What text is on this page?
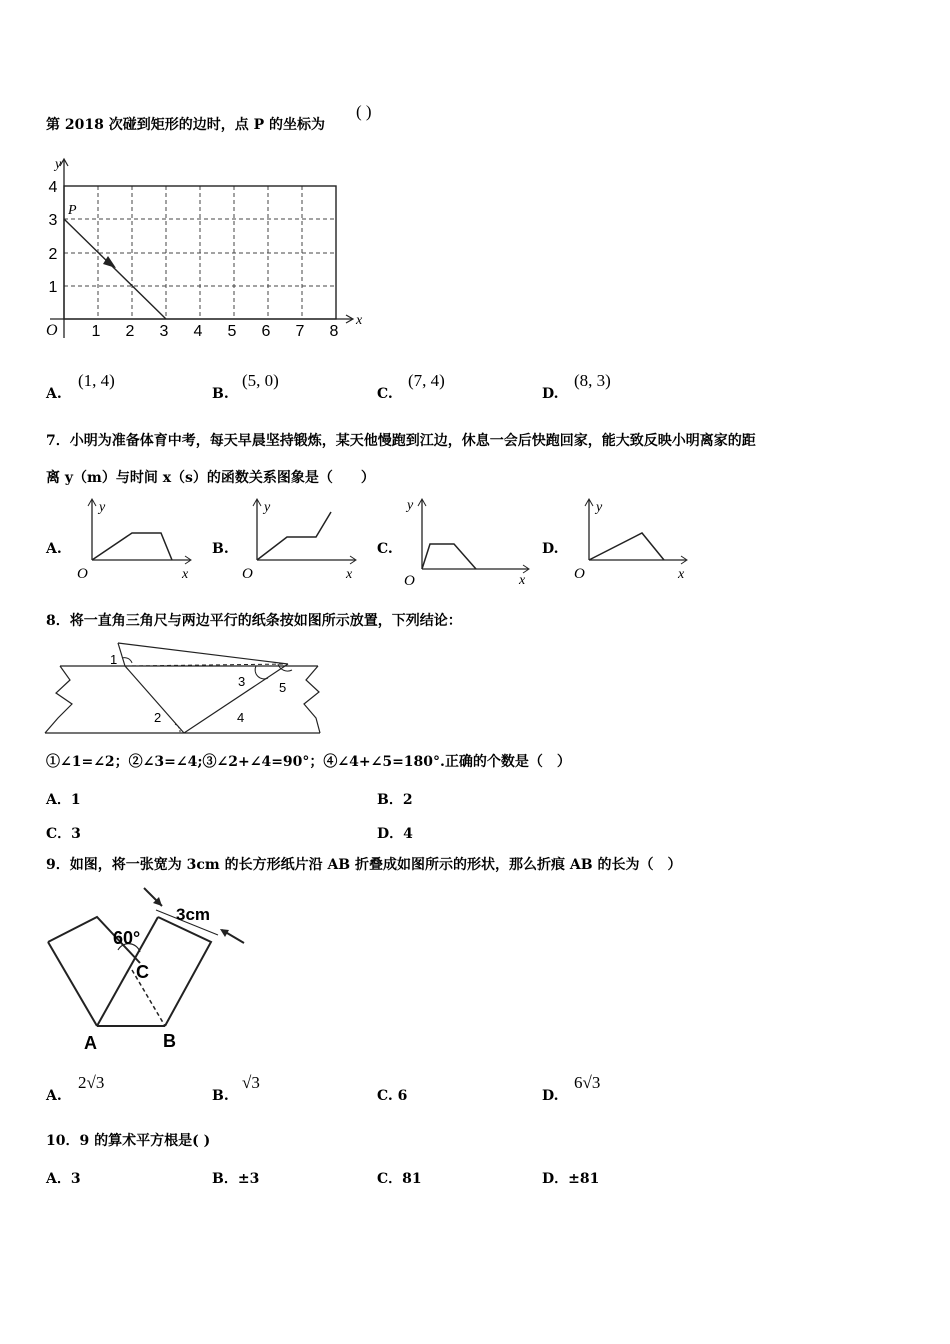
第 2018 次碰到矩形的边时，点 P 的坐标为
( )
y
x
O
P
1 2 3 4 5 6 7 8
1
2
3
4
A.
(1, 4)
B.
(5, 0)
C.
(7, 4)
D.
(8, 3)
7．小明为准备体育中考，每天早晨坚持锻炼，某天他慢跑到江边，休息一会后快跑回家，能大致反映小明离家的距
离 y（m）与时间 x（s）的函数关系图象是（　　）
A.
y
x
O
B.
y
x
O
C.
y
x
O
D.
y
x
O
8．将一直角三角尺与两边平行的纸条按如图所示放置，下列结论：
1
2
3
4
5
①∠1=∠2；②∠3=∠4;③∠2+∠4=90°；④∠4+∠5=180°.正确的个数是（　）
A．1	B．2
C．3	D．4
9．如图，将一张宽为 3cm 的长方形纸片沿 AB 折叠成如图所示的形状，那么折痕 AB 的长为（　）
3cm
60°
C
A	B
A.
2√3
B.
√3
C. 6	D.
6√3
10．9 的算术平方根是( )
A．3	B．±3	C．81	D．±81
